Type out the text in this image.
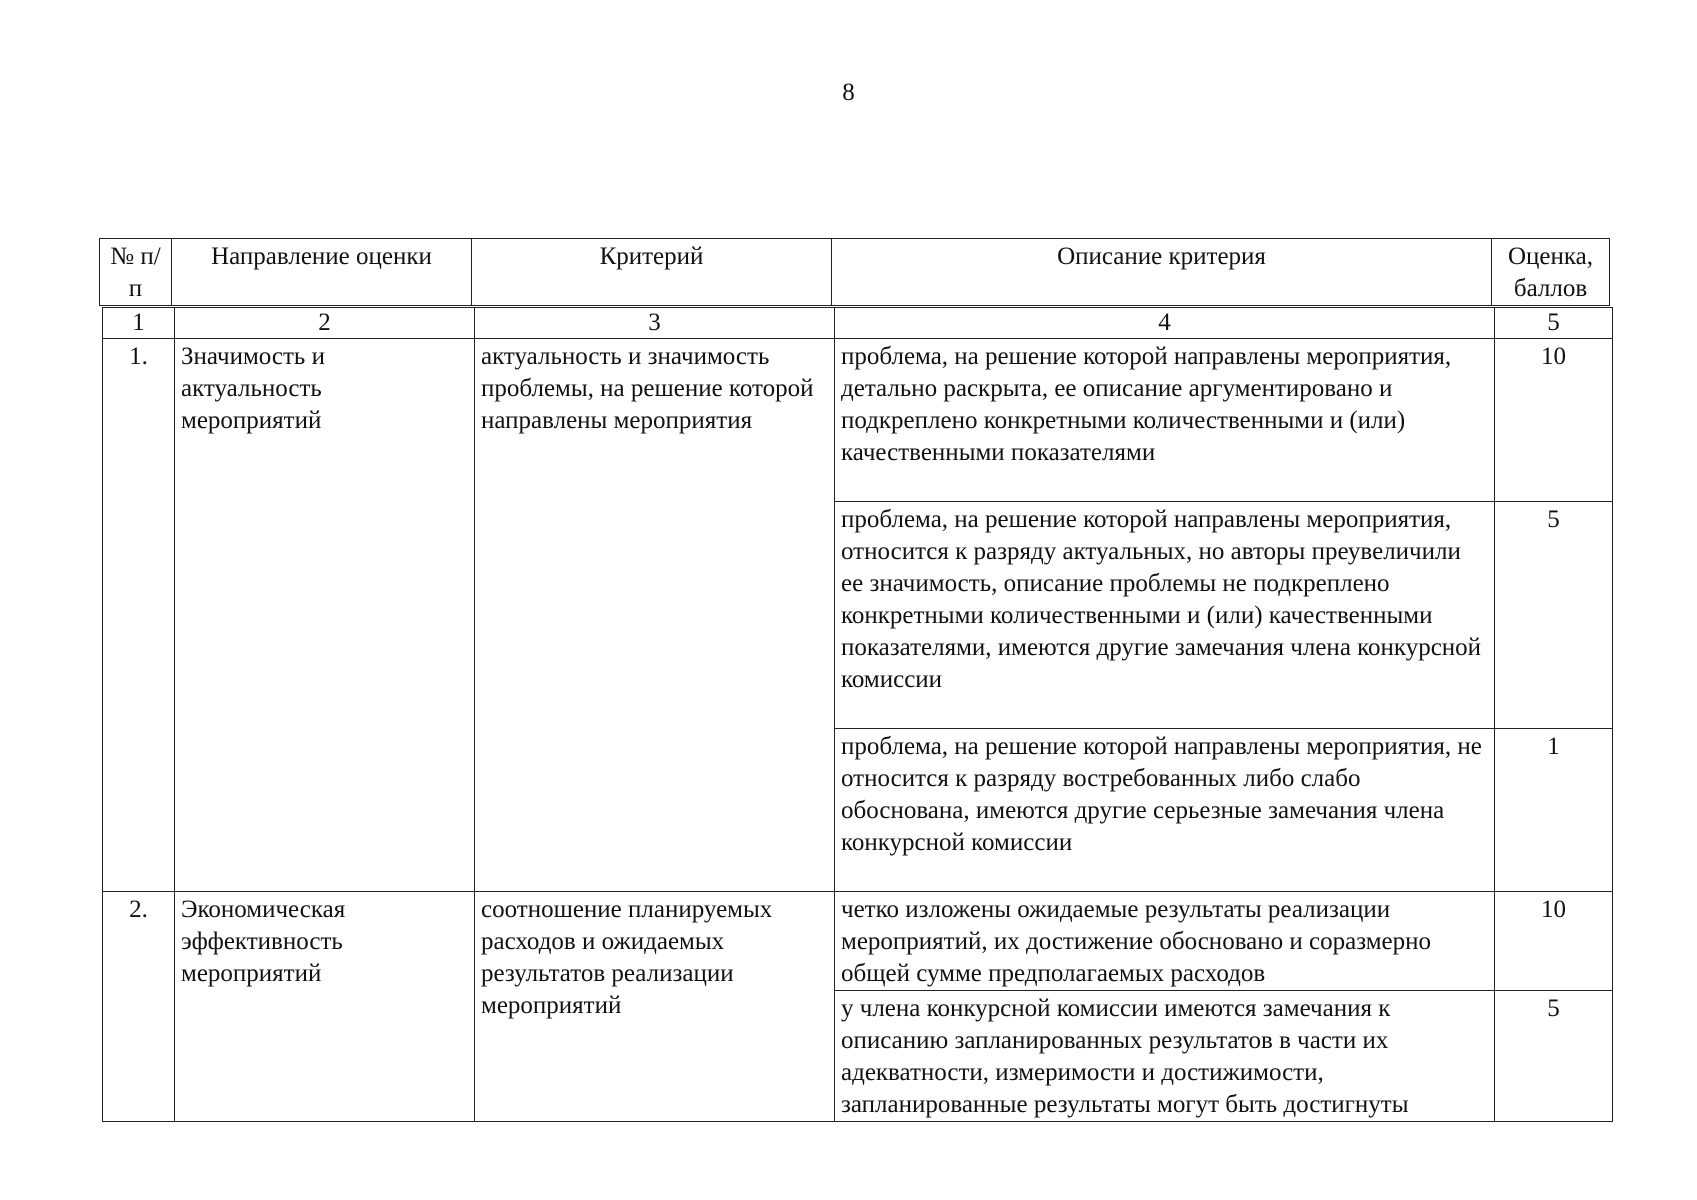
8
№ п/п	Направление оценки	Критерий	Описание критерия	Оценка, баллов
1	2	3	4	5
1.	Значимость и актуальность мероприятий	актуальность и значимость проблемы, на решение которой направлены мероприятия	проблема, на решение которой направлены мероприятия, детально раскрыта, ее описание аргументировано и подкреплено конкретными количественными и (или) качественными показателями	10
			проблема, на решение которой направлены мероприятия, относится к разряду актуальных, но авторы преувеличили ее значимость, описание проблемы не подкреплено конкретными количественными и (или) качественными показателями, имеются другие замечания члена конкурсной комиссии	5
			проблема, на решение которой направлены мероприятия, не относится к разряду востребованных либо слабо обоснована, имеются другие серьезные замечания члена конкурсной комиссии	1
2.	Экономическая эффективность мероприятий	соотношение планируемых расходов и ожидаемых результатов реализации мероприятий	четко изложены ожидаемые результаты реализации мероприятий, их достижение обосновано и соразмерно общей сумме предполагаемых расходов	10
			у члена конкурсной комиссии имеются замечания к описанию запланированных результатов в части их адекватности, измеримости и достижимости, запланированные результаты могут быть достигнуты	5
